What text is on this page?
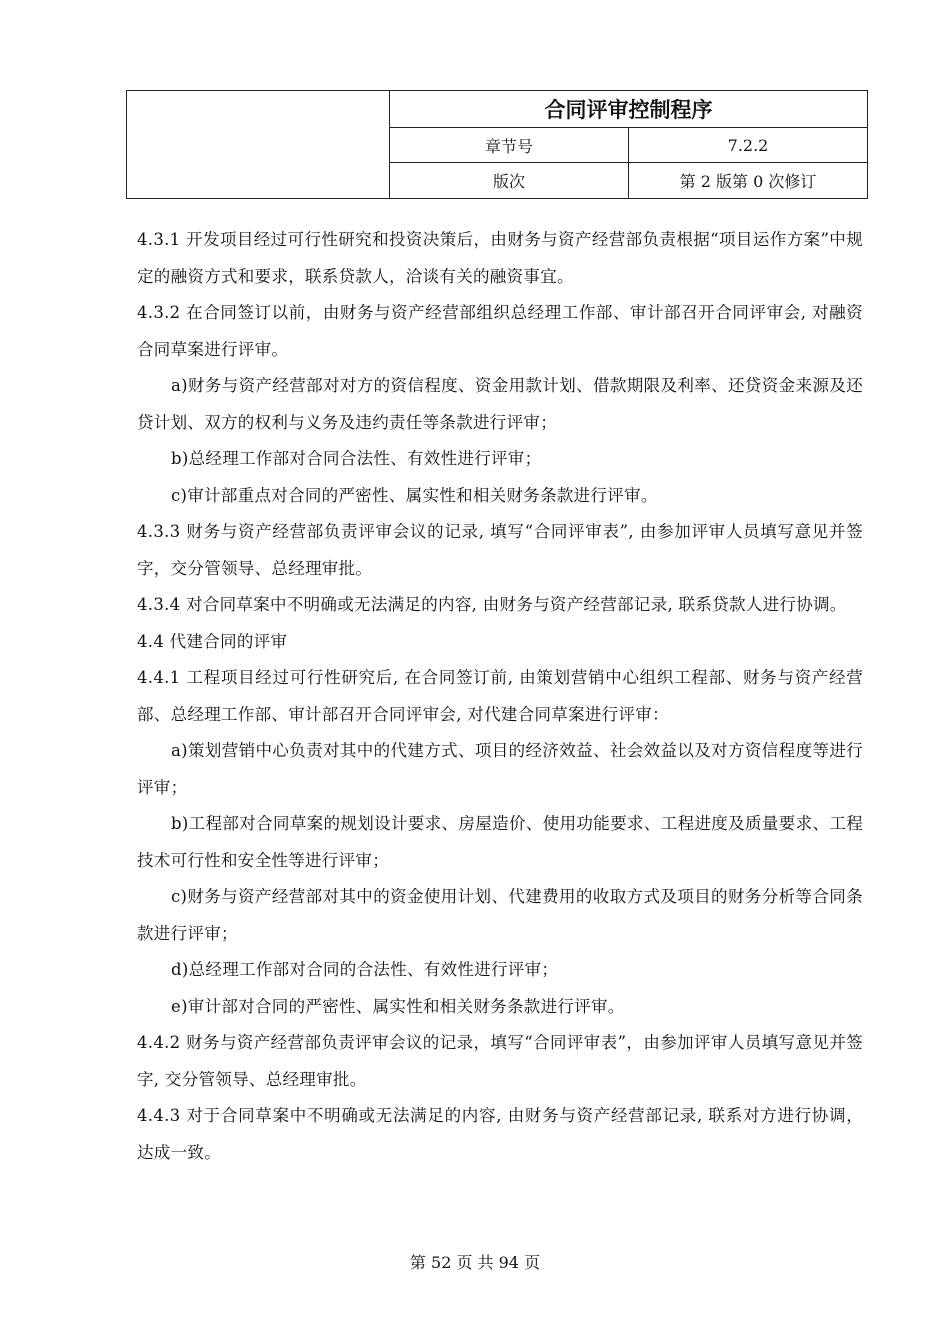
	合同评审控制程序	
	章节号	7.2.2
	版次	第 2 版第 0 次修订

4.3.1 开发项目经过可行性研究和投资决策后，由财务与资产经营部负责根据“项目运作方案”中规定的融资方式和要求，联系贷款人，洽谈有关的融资事宜。

4.3.2 在合同签订以前，由财务与资产经营部组织总经理工作部、审计部召开合同评审会, 对融资合同草案进行评审。

a)财务与资产经营部对对方的资信程度、资金用款计划、借款期限及利率、还贷资金来源及还贷计划、双方的权利与义务及违约责任等条款进行评审；

b)总经理工作部对合同合法性、有效性进行评审；

c)审计部重点对合同的严密性、属实性和相关财务条款进行评审。

4.3.3 财务与资产经营部负责评审会议的记录, 填写“合同评审表”, 由参加评审人员填写意见并签字，交分管领导、总经理审批。

4.3.4 对合同草案中不明确或无法满足的内容, 由财务与资产经营部记录, 联系贷款人进行协调。

4.4 代建合同的评审

4.4.1 工程项目经过可行性研究后, 在合同签订前, 由策划营销中心组织工程部、财务与资产经营部、总经理工作部、审计部召开合同评审会, 对代建合同草案进行评审：

a)策划营销中心负责对其中的代建方式、项目的经济效益、社会效益以及对方资信程度等进行评审；

b)工程部对合同草案的规划设计要求、房屋造价、使用功能要求、工程进度及质量要求、工程技术可行性和安全性等进行评审；

c)财务与资产经营部对其中的资金使用计划、代建费用的收取方式及项目的财务分析等合同条款进行评审；

d)总经理工作部对合同的合法性、有效性进行评审；

e)审计部对合同的严密性、属实性和相关财务条款进行评审。

4.4.2 财务与资产经营部负责评审会议的记录，填写“合同评审表”，由参加评审人员填写意见并签字, 交分管领导、总经理审批。

4.4.3 对于合同草案中不明确或无法满足的内容, 由财务与资产经营部记录, 联系对方进行协调，达成一致。

第 52 页 共 94 页
